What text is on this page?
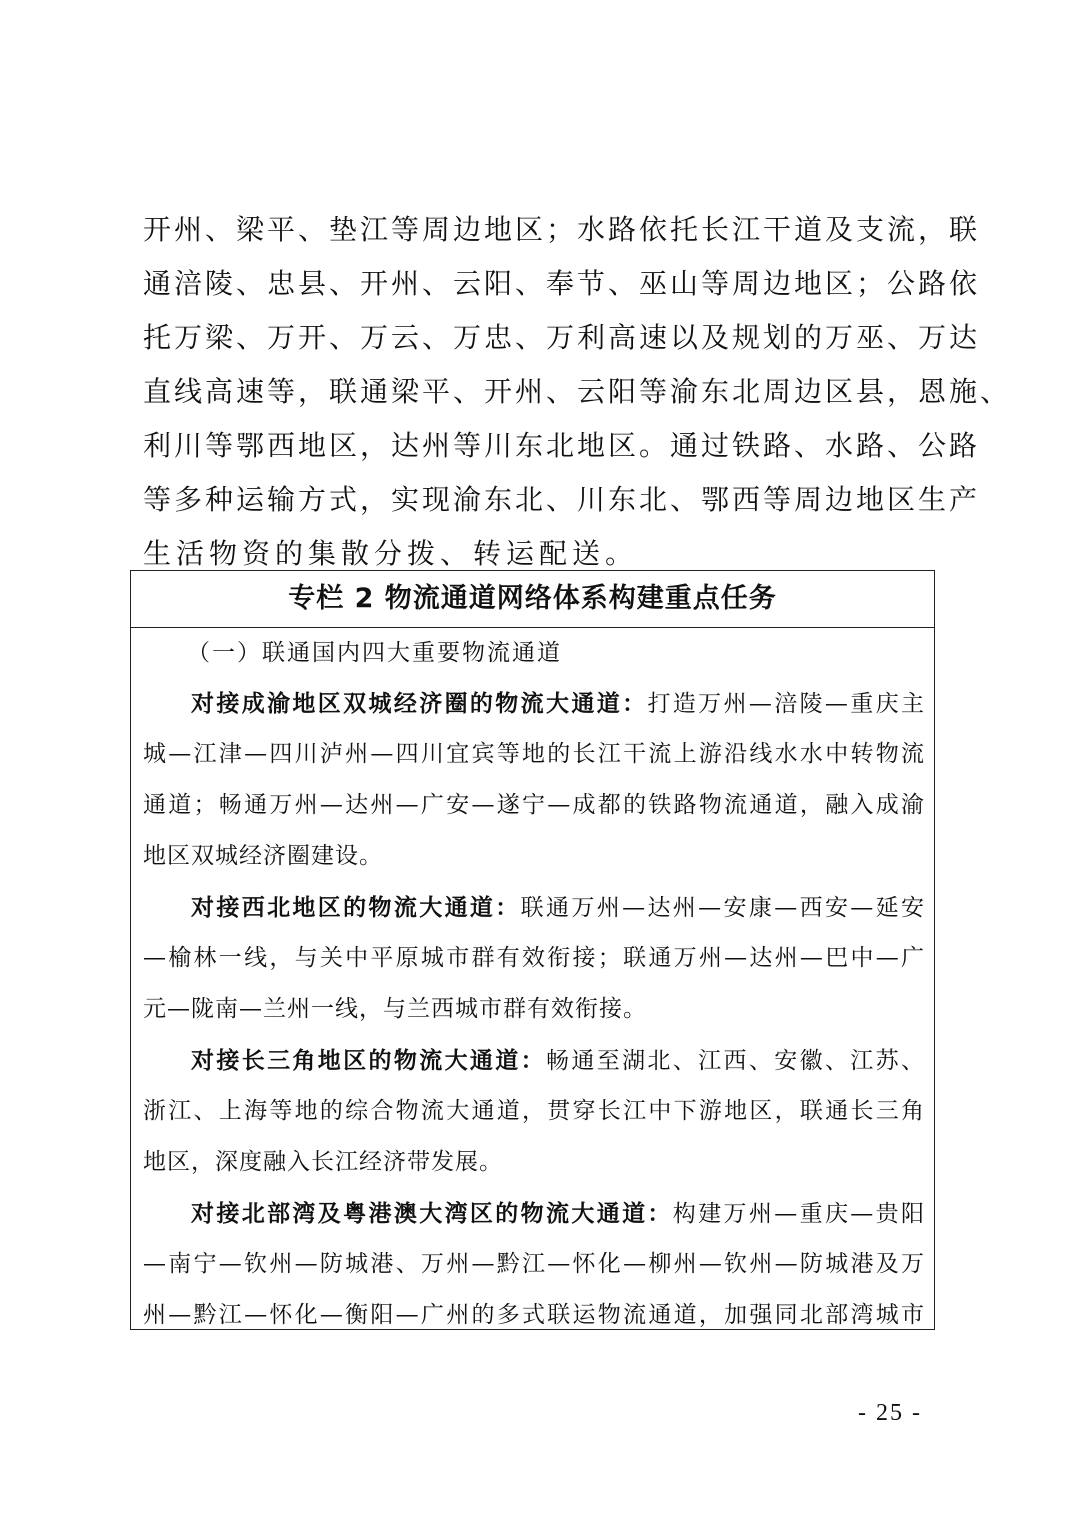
开州、梁平、垫江等周边地区；水路依托长江干道及支流，联
通涪陵、忠县、开州、云阳、奉节、巫山等周边地区；公路依
托万梁、万开、万云、万忠、万利高速以及规划的万巫、万达
直线高速等，联通梁平、开州、云阳等渝东北周边区县，恩施、
利川等鄂西地区，达州等川东北地区。通过铁路、水路、公路
等多种运输方式，实现渝东北、川东北、鄂西等周边地区生产
生活物资的集散分拨、转运配送。
专栏 2 物流通道网络体系构建重点任务
（一）联通国内四大重要物流通道
对接成渝地区双城经济圈的物流大通道：打造万州—涪陵—重庆主
城—江津—四川泸州—四川宜宾等地的长江干流上游沿线水水中转物流
通道；畅通万州—达州—广安—遂宁—成都的铁路物流通道，融入成渝
地区双城经济圈建设。
对接西北地区的物流大通道：联通万州—达州—安康—西安—延安
—榆林一线，与关中平原城市群有效衔接；联通万州—达州—巴中—广
元—陇南—兰州一线，与兰西城市群有效衔接。
对接长三角地区的物流大通道：畅通至湖北、江西、安徽、江苏、
浙江、上海等地的综合物流大通道，贯穿长江中下游地区，联通长三角
地区，深度融入长江经济带发展。
对接北部湾及粤港澳大湾区的物流大通道：构建万州—重庆—贵阳
—南宁—钦州—防城港、万州—黔江—怀化—柳州—钦州—防城港及万
州—黔江—怀化—衡阳—广州的多式联运物流通道，加强同北部湾城市
- 25 -
